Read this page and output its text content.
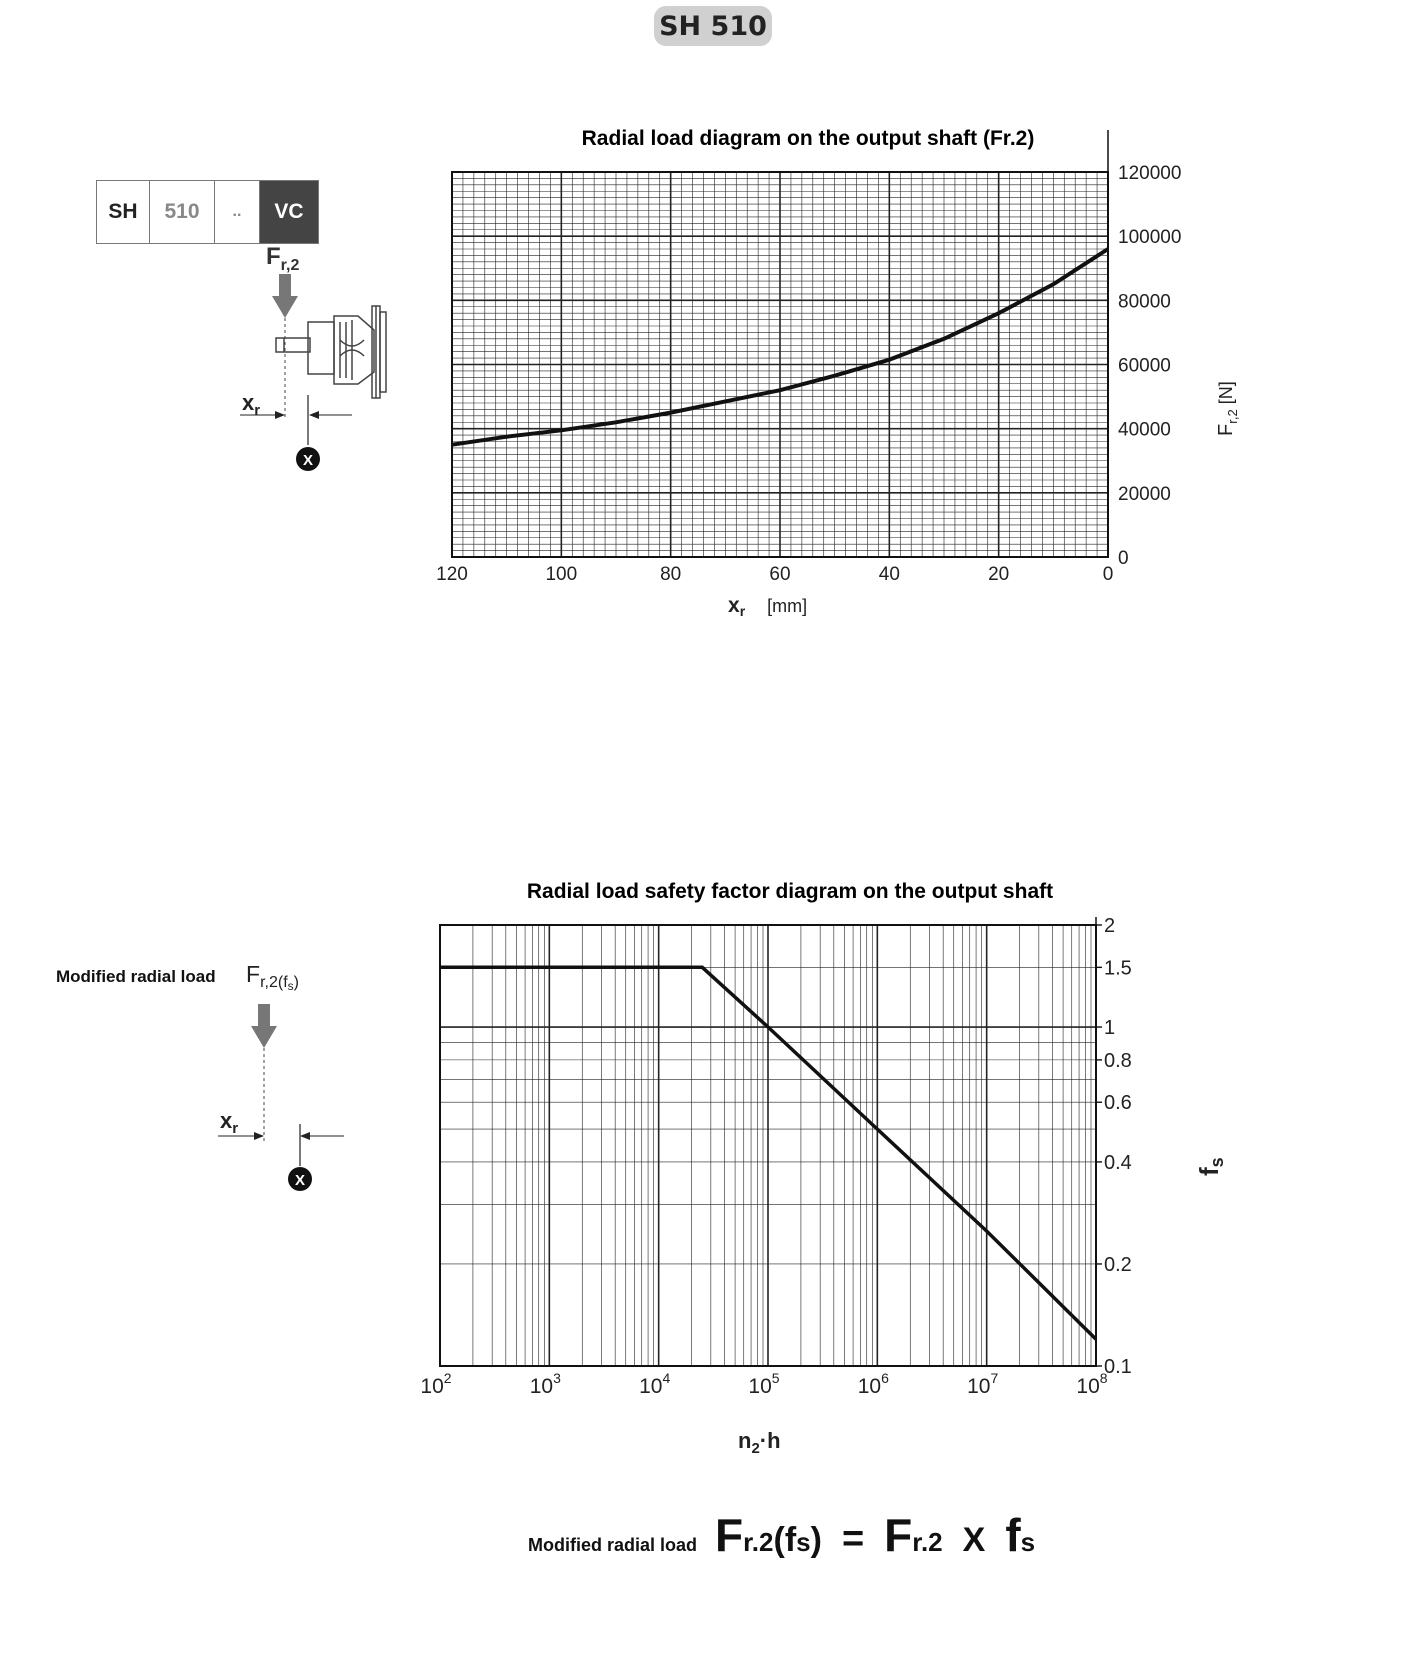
SH 510
SH	510	..	VC
$F_{r,2}$
$x_r$
X
Radial load diagram on the output shaft (Fr.2)
120	100	80	60	40	20	0
0
20000
40000
60000
80000
100000
120000
xr [mm]
$F_{r,2}$ [N]
Modified radial load $F_{r,2}(fs)$
$x_r$
X
Radial load safety factor diagram on the output shaft
$10^2$	$10^3$	$10^4$	$10^5$	$10^6$	$10^7$	$10^8$
0.1
0.2
0.4
0.6
0.8
1
1.5
2
$n_2\cdot h$
fs
Modified radial load F r.2 (f s ) = F r.2 X f s
